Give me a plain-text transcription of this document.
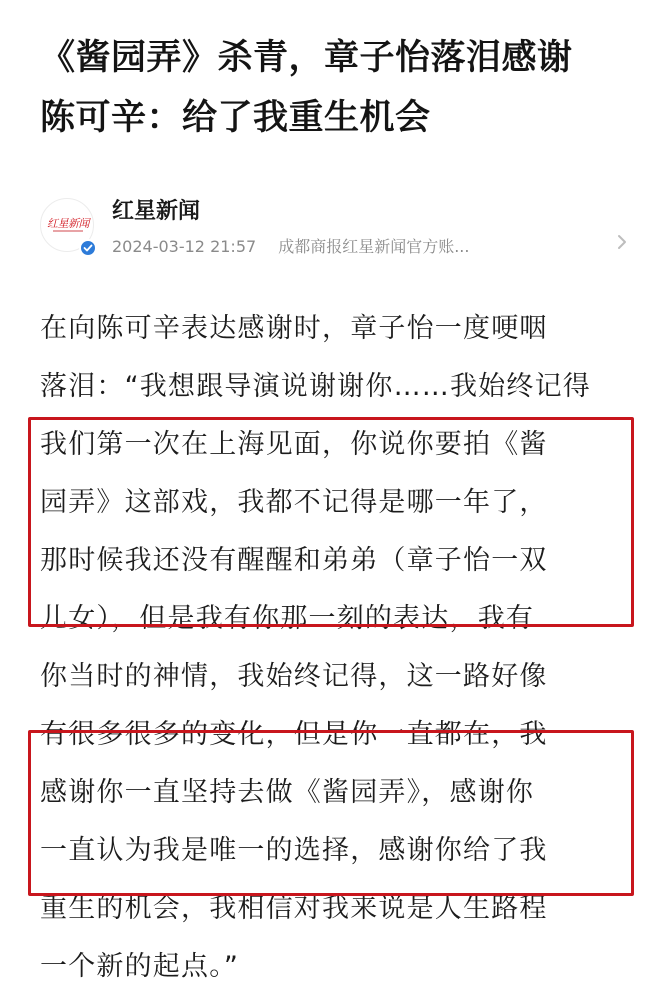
《酱园弄》杀青，章子怡落泪感谢
陈可辛：给了我重生机会
红星新闻 红星新闻
2024-03-12 21:57 成都商报红星新闻官方账...

在向陈可辛表达感谢时，章子怡一度哽咽

落泪：“我想跟导演说谢谢你……我始终记得

我们第一次在上海见面，你说你要拍《酱

园弄》这部戏，我都不记得是哪一年了，

那时候我还没有醒醒和弟弟（章子怡一双

儿女），但是我有你那一刻的表达，我有

你当时的神情，我始终记得，这一路好像

有很多很多的变化，但是你一直都在，我

感谢你一直坚持去做《酱园弄》，感谢你

一直认为我是唯一的选择，感谢你给了我

重生的机会，我相信对我来说是人生路程

一个新的起点。”
